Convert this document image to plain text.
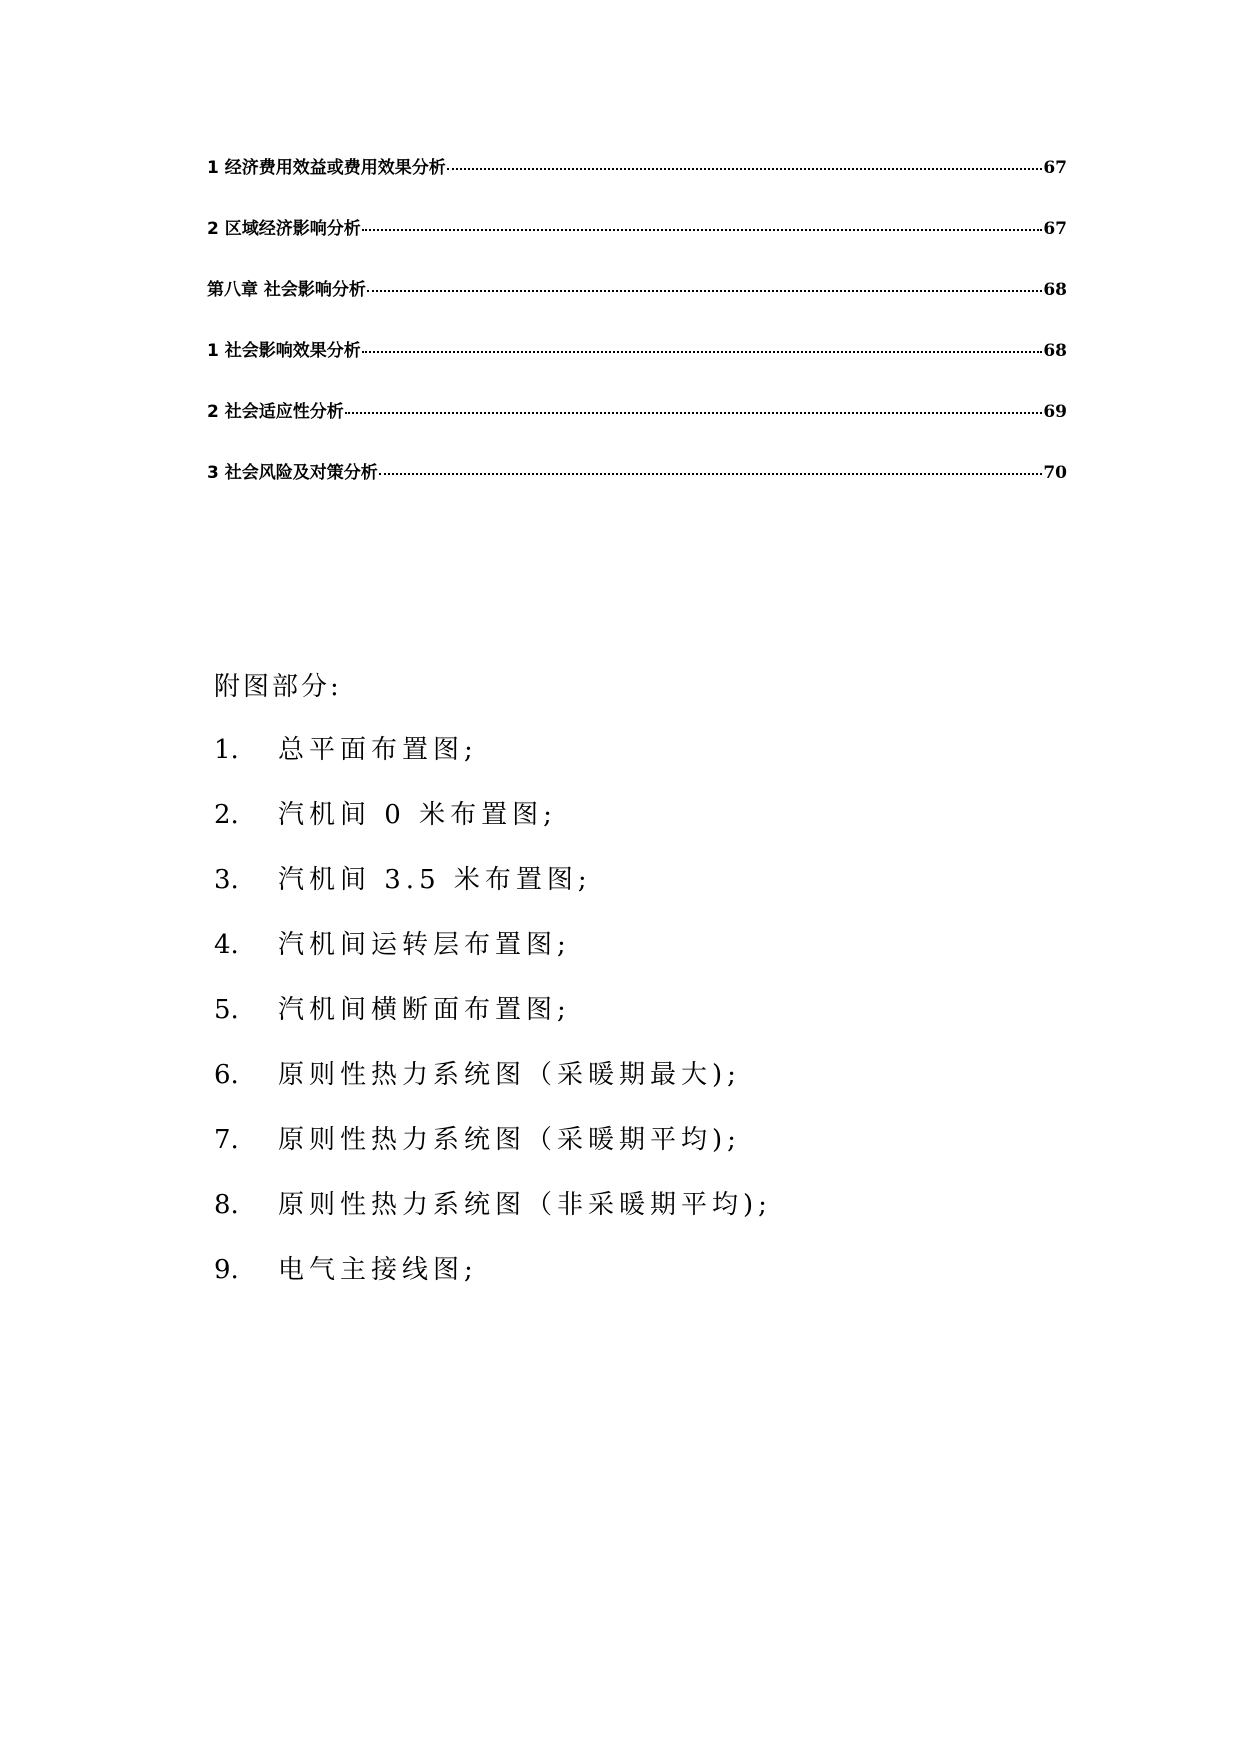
1 经济费用效益或费用效果分析	67
2 区域经济影响分析	67
第八章 社会影响分析	68
1 社会影响效果分析	68
2 社会适应性分析	69
3 社会风险及对策分析	70
附图部分:
1.	总平面布置图;
2.	汽机间 0 米布置图;
3.	汽机间 3.5 米布置图;
4.	汽机间运转层布置图;
5.	汽机间横断面布置图;
6.	原则性热力系统图（采暖期最大);
7.	原则性热力系统图（采暖期平均);
8.	原则性热力系统图（非采暖期平均);
9.	电气主接线图;
